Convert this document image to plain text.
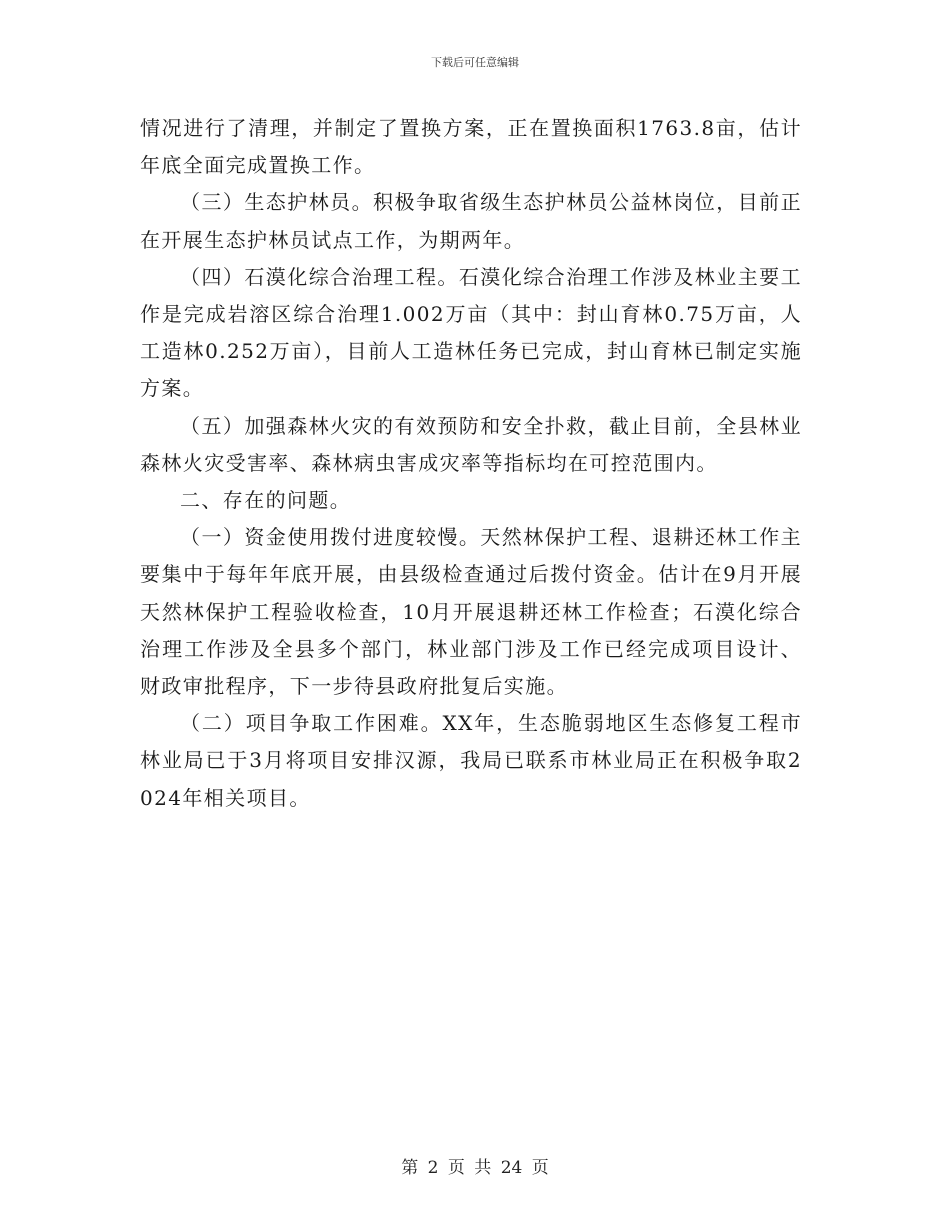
下载后可任意编辑

情况进行了清理，并制定了置换方案，正在置换面积1763.8亩，估计年底全面完成置换工作。

（三）生态护林员。积极争取省级生态护林员公益林岗位，目前正在开展生态护林员试点工作，为期两年。

（四）石漠化综合治理工程。石漠化综合治理工作涉及林业主要工作是完成岩溶区综合治理1.002万亩（其中：封山育林0.75万亩，人工造林0.252万亩），目前人工造林任务已完成，封山育林已制定实施方案。

（五）加强森林火灾的有效预防和安全扑救，截止目前，全县林业森林火灾受害率、森林病虫害成灾率等指标均在可控范围内。

二、存在的问题。

（一）资金使用拨付进度较慢。天然林保护工程、退耕还林工作主要集中于每年年底开展，由县级检查通过后拨付资金。估计在9月开展天然林保护工程验收检查，10月开展退耕还林工作检查；石漠化综合治理工作涉及全县多个部门，林业部门涉及工作已经完成项目设计、财政审批程序，下一步待县政府批复后实施。

（二）项目争取工作困难。XX年，生态脆弱地区生态修复工程市林业局已于3月将项目安排汉源，我局已联系市林业局正在积极争取2024年相关项目。

第 2 页 共 24 页
